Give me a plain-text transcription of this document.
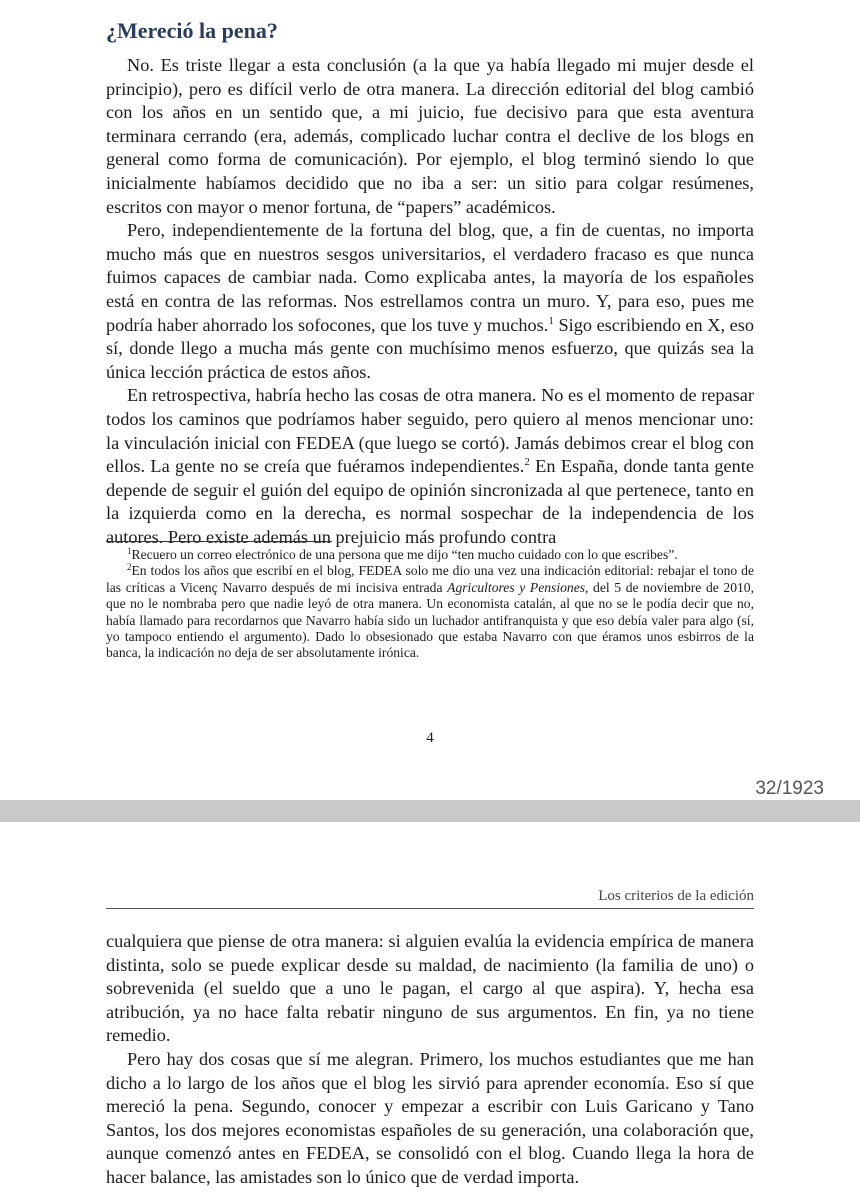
¿Mereció la pena?

No. Es triste llegar a esta conclusión (a la que ya había llegado mi mujer desde el principio), pero es difícil verlo de otra manera. La dirección editorial del blog cambió con los años en un sentido que, a mi juicio, fue decisivo para que esta aventura terminara cerrando (era, además, complicado luchar contra el declive de los blogs en general como forma de comunicación). Por ejemplo, el blog terminó siendo lo que inicialmente habíamos decidido que no iba a ser: un sitio para colgar resúmenes, escritos con mayor o menor fortuna, de “papers” académicos.

Pero, independientemente de la fortuna del blog, que, a fin de cuentas, no importa mucho más que en nuestros sesgos universitarios, el verdadero fracaso es que nunca fuimos capaces de cambiar nada. Como explicaba antes, la mayoría de los españoles está en contra de las reformas. Nos estrellamos contra un muro. Y, para eso, pues me podría haber ahorrado los sofocones, que los tuve y muchos.$^1$ Sigo escribiendo en X, eso sí, donde llego a mucha más gente con muchísimo menos esfuerzo, que quizás sea la única lección práctica de estos años.

En retrospectiva, habría hecho las cosas de otra manera. No es el momento de repasar todos los caminos que podríamos haber seguido, pero quiero al menos mencionar uno: la vinculación inicial con FEDEA (que luego se cortó). Jamás debimos crear el blog con ellos. La gente no se creía que fuéramos independientes.$^2$ En España, donde tanta gente depende de seguir el guión del equipo de opinión sincronizada al que pertenece, tanto en la izquierda como en la derecha, es normal sospechar de la independencia de los autores. Pero existe además un prejuicio más profundo contra

$^1$Recuero un correo electrónico de una persona que me dijo “ten mucho cuidado con lo que escribes”.

$^2$En todos los años que escribí en el blog, FEDEA solo me dio una vez una indicación editorial: rebajar el tono de las críticas a Vicenç Navarro después de mi incisiva entrada Agricultores y Pensiones, del 5 de noviembre de 2010, que no le nombraba pero que nadie leyó de otra manera. Un economista catalán, al que no se le podía decir que no, había llamado para recordarnos que Navarro había sido un luchador antifranquista y que eso debía valer para algo (sí, yo tampoco entiendo el argumento). Dado lo obsesionado que estaba Navarro con que éramos unos esbirros de la banca, la indicación no deja de ser absolutamente irónica.

4
32/1923
Los criterios de la edición

cualquiera que piense de otra manera: si alguien evalúa la evidencia empírica de manera distinta, solo se puede explicar desde su maldad, de nacimiento (la familia de uno) o sobrevenida (el sueldo que a uno le pagan, el cargo al que aspira). Y, hecha esa atribución, ya no hace falta rebatir ninguno de sus argumentos. En fin, ya no tiene remedio.

Pero hay dos cosas que sí me alegran. Primero, los muchos estudiantes que me han dicho a lo largo de los años que el blog les sirvió para aprender economía. Eso sí que mereció la pena. Segundo, conocer y empezar a escribir con Luis Garicano y Tano Santos, los dos mejores economistas españoles de su generación, una colaboración que, aunque comenzó antes en FEDEA, se consolidó con el blog. Cuando llega la hora de hacer balance, las amistades son lo único que de verdad importa.
